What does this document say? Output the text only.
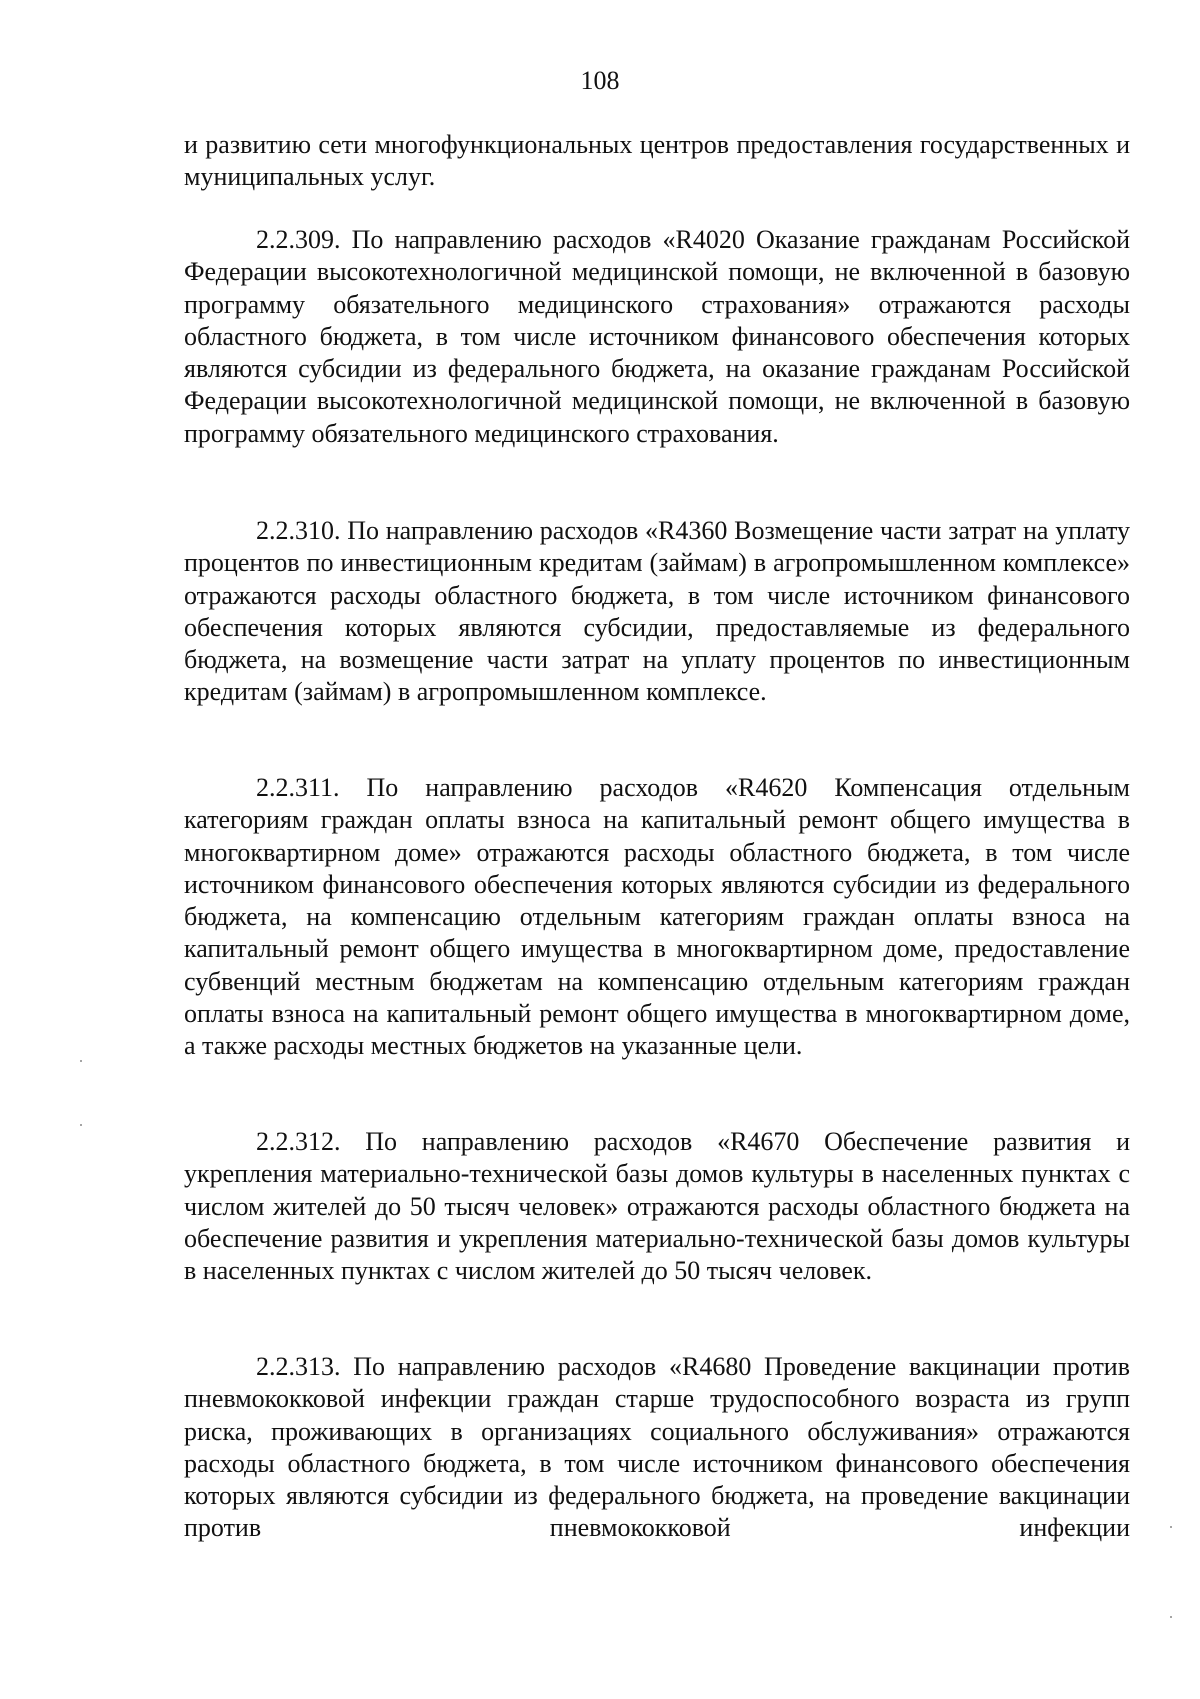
108

и развитию сети многофункциональных центров предоставления государственных и муниципальных услуг.

2.2.309. По направлению расходов «R4020 Оказание гражданам Российской Федерации высокотехнологичной медицинской помощи, не включенной в базовую программу обязательного медицинского страхования» отражаются расходы областного бюджета, в том числе источником финансового обеспечения которых являются субсидии из федерального бюджета, на оказание гражданам Российской Федерации высокотехнологичной медицинской помощи, не включенной в базовую программу обязательного медицинского страхования.

2.2.310. По направлению расходов «R4360 Возмещение части затрат на уплату процентов по инвестиционным кредитам (займам) в агропромышленном комплексе» отражаются расходы областного бюджета, в том числе источником финансового обеспечения которых являются субсидии, предоставляемые из федерального бюджета, на возмещение части затрат на уплату процентов по инвестиционным кредитам (займам) в агропромышленном комплексе.

2.2.311. По направлению расходов «R4620 Компенсация отдельным категориям граждан оплаты взноса на капитальный ремонт общего имущества в многоквартирном доме» отражаются расходы областного бюджета, в том числе источником финансового обеспечения которых являются субсидии из федерального бюджета, на компенсацию отдельным категориям граждан оплаты взноса на капитальный ремонт общего имущества в многоквартирном доме, предоставление субвенций местным бюджетам на компенсацию отдельным категориям граждан оплаты взноса на капитальный ремонт общего имущества в многоквартирном доме, а также расходы местных бюджетов на указанные цели.

2.2.312. По направлению расходов «R4670 Обеспечение развития и укрепления материально-технической базы домов культуры в населенных пунктах с числом жителей до 50 тысяч человек» отражаются расходы областного бюджета на обеспечение развития и укрепления материально-технической базы домов культуры в населенных пунктах с числом жителей до 50 тысяч человек.

2.2.313. По направлению расходов «R4680 Проведение вакцинации против пневмококковой инфекции граждан старше трудоспособного возраста из групп риска, проживающих в организациях социального обслуживания» отражаются расходы областного бюджета, в том числе источником финансового обеспечения которых являются субсидии из федерального бюджета, на проведение вакцинации против пневмококковой инфекции
